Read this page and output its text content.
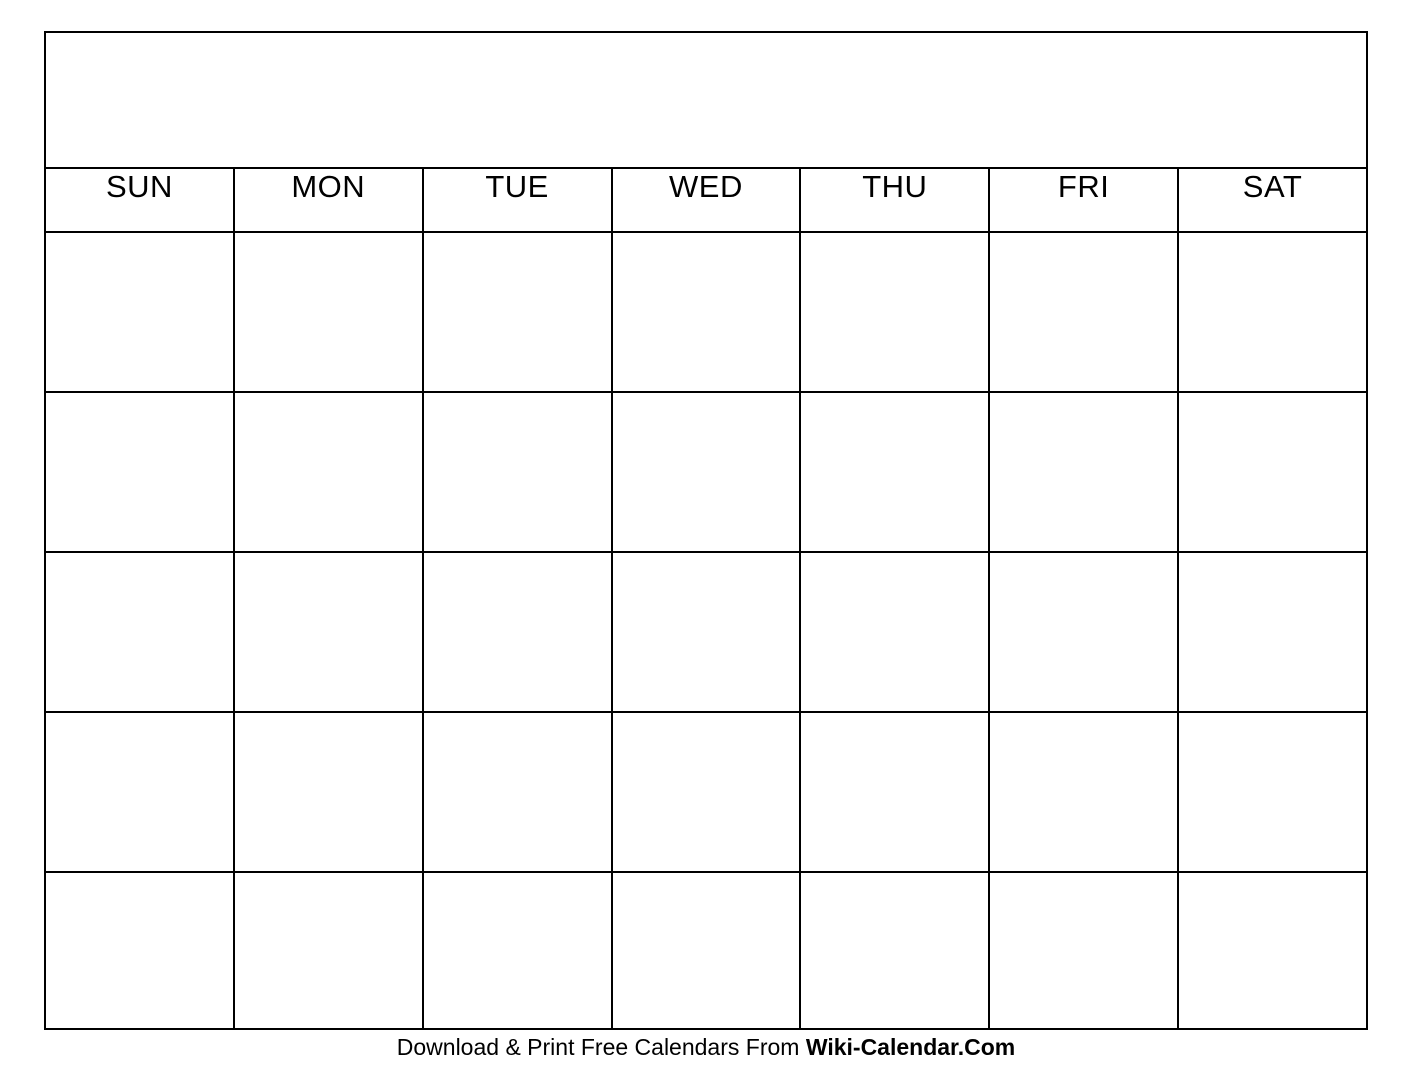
SUN	MON	TUE	WED	THU	FRI	SAT

Download & Print Free Calendars From Wiki-Calendar.Com
